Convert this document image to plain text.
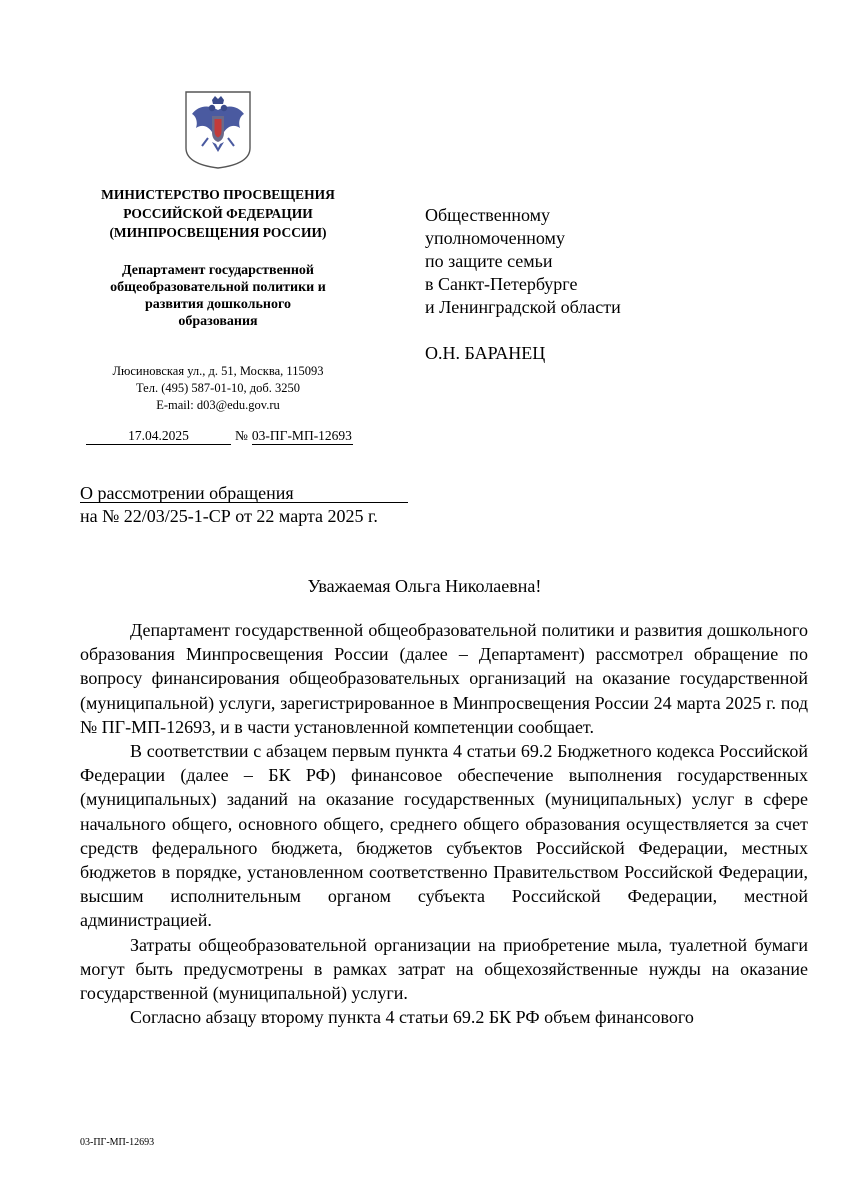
МИНИСТЕРСТВО ПРОСВЕЩЕНИЯ
РОССИЙСКОЙ ФЕДЕРАЦИИ
(МИНПРОСВЕЩЕНИЯ РОССИИ)
Департамент государственной
общеобразовательной политики и
развития дошкольного
образования
Люсиновская ул., д. 51, Москва, 115093
Тел. (495) 587-01-10, доб. 3250
E-mail: d03@edu.gov.ru
17.04.2025	№ 03-ПГ-МП-12693
Общественному
уполномоченному
по защите семьи
в Санкт-Петербурге
и Ленинградской области
О.Н. БАРАНЕЦ
О рассмотрении обращения
на № 22/03/25-1-СР от 22 марта 2025 г.
Уважаемая Ольга Николаевна!

Департамент государственной общеобразовательной политики и развития дошкольного образования Минпросвещения России (далее – Департамент) рассмотрел обращение по вопросу финансирования общеобразовательных организаций на оказание государственной (муниципальной) услуги, зарегистрированное в Минпросвещения России 24 марта 2025 г. под № ПГ-МП-12693, и в части установленной компетенции сообщает.

В соответствии с абзацем первым пункта 4 статьи 69.2 Бюджетного кодекса Российской Федерации (далее – БК РФ) финансовое обеспечение выполнения государственных (муниципальных) заданий на оказание государственных (муниципальных) услуг в сфере начального общего, основного общего, среднего общего образования осуществляется за счет средств федерального бюджета, бюджетов субъектов Российской Федерации, местных бюджетов в порядке, установленном соответственно Правительством Российской Федерации, высшим исполнительным органом субъекта Российской Федерации, местной администрацией.

Затраты общеобразовательной организации на приобретение мыла, туалетной бумаги могут быть предусмотрены в рамках затрат на общехозяйственные нужды на оказание государственной (муниципальной) услуги.

Согласно абзацу второму пункта 4 статьи 69.2 БК РФ объем финансового

03-ПГ-МП-12693
